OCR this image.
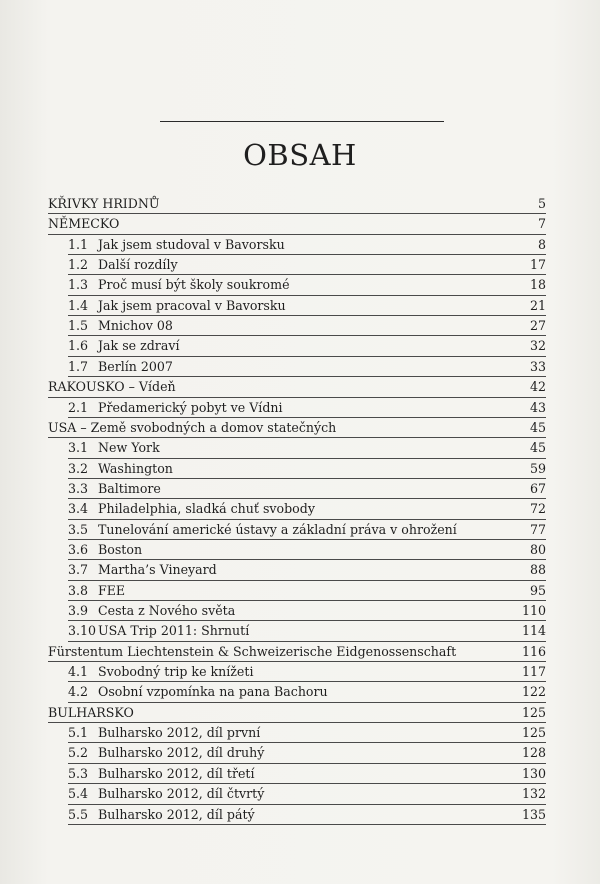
OBSAH
KŘIVKY HRIDNŮ	5
NĚMECKO	7
1.1 Jak jsem studoval v Bavorsku	8
1.2 Další rozdíly	17
1.3 Proč musí být školy soukromé	18
1.4 Jak jsem pracoval v Bavorsku	21
1.5 Mnichov 08	27
1.6 Jak se zdraví	32
1.7 Berlín 2007	33
RAKOUSKO – Vídeň	42
2.1 Předamerický pobyt ve Vídni	43
USA – Země svobodných a domov statečných	45
3.1 New York	45
3.2 Washington	59
3.3 Baltimore	67
3.4 Philadelphia, sladká chuť svobody	72
3.5 Tunelování americké ústavy a základní práva v ohrožení	77
3.6 Boston	80
3.7 Martha’s Vineyard	88
3.8 FEE	95
3.9 Cesta z Nového světa	110
3.10 USA Trip 2011: Shrnutí	114
Fürstentum Liechtenstein & Schweizerische Eidgenossenschaft	116
4.1 Svobodný trip ke knížeti	117
4.2 Osobní vzpomínka na pana Bachoru	122
BULHARSKO	125
5.1 Bulharsko 2012, díl první	125
5.2 Bulharsko 2012, díl druhý	128
5.3 Bulharsko 2012, díl třetí	130
5.4 Bulharsko 2012, díl čtvrtý	132
5.5 Bulharsko 2012, díl pátý	135
